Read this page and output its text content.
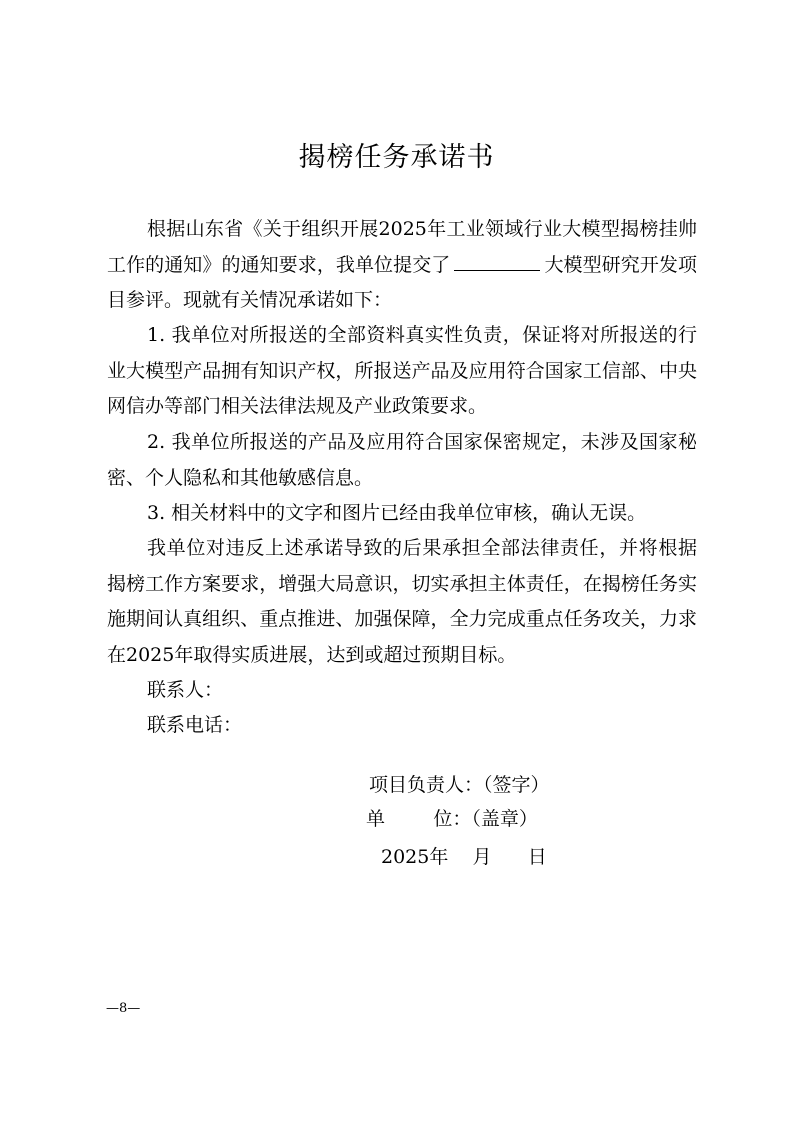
揭榜任务承诺书
根据山东省《关于组织开展2025年工业领域行业大模型揭榜挂帅工作的通知》的通知要求，我单位提交了	大模型研究开发项目参评。现就有关情况承诺如下：
1. 我单位对所报送的全部资料真实性负责，保证将对所报送的行业大模型产品拥有知识产权，所报送产品及应用符合国家工信部、中央网信办等部门相关法律法规及产业政策要求。
2. 我单位所报送的产品及应用符合国家保密规定，未涉及国家秘密、个人隐私和其他敏感信息。
3. 相关材料中的文字和图片已经由我单位审核，确认无误。
我单位对违反上述承诺导致的后果承担全部法律责任，并将根据揭榜工作方案要求，增强大局意识，切实承担主体责任，在揭榜任务实施期间认真组织、重点推进、加强保障，全力完成重点任务攻关，力求在2025年取得实质进展，达到或超过预期目标。
联系人：
联系电话：
项目负责人：（签字）
单        位：（盖章）
2025年    月      日
—8—
